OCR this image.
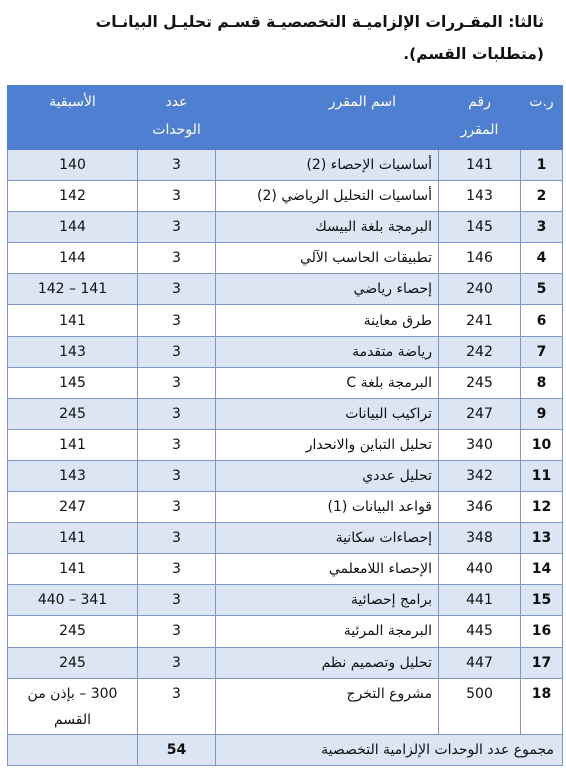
ثالثا: المقـررات الإلزاميـة التخصصيـة قسـم تحليـل البيانـات
(متطلبات القسم).
ر.ت	رقم المقرر	اسم المقرر	عدد الوحدات	الأسبقية
1	141	أساسيات الإحصاء (2)	3	140
2	143	أساسيات التحليل الرياضي (2)	3	142
3	145	البرمجة بلغة البيسك	3	144
4	146	تطبيقات الحاسب الآلي	3	144
5	240	إحصاء رياضي	3	141 – 142
6	241	طرق معاينة	3	141
7	242	رياضة متقدمة	3	143
8	245	البرمجة بلغة C	3	145
9	247	تراكيب البيانات	3	245
10	340	تحليل التباين والانحدار	3	141
11	342	تحليل عددي	3	143
12	346	قواعد البيانات (1)	3	247
13	348	إحصاءات سكانية	3	141
14	440	الإحصاء اللامعلمي	3	141
15	441	برامج إحصائية	3	341 – 440
16	445	البرمجة المرئية	3	245
17	447	تحليل وتصميم نظم	3	245
18	500	مشروع التخرج	3	300 – بإذن من القسم
مجموع عدد الوحدات الإلزامية التخصصية			54	
